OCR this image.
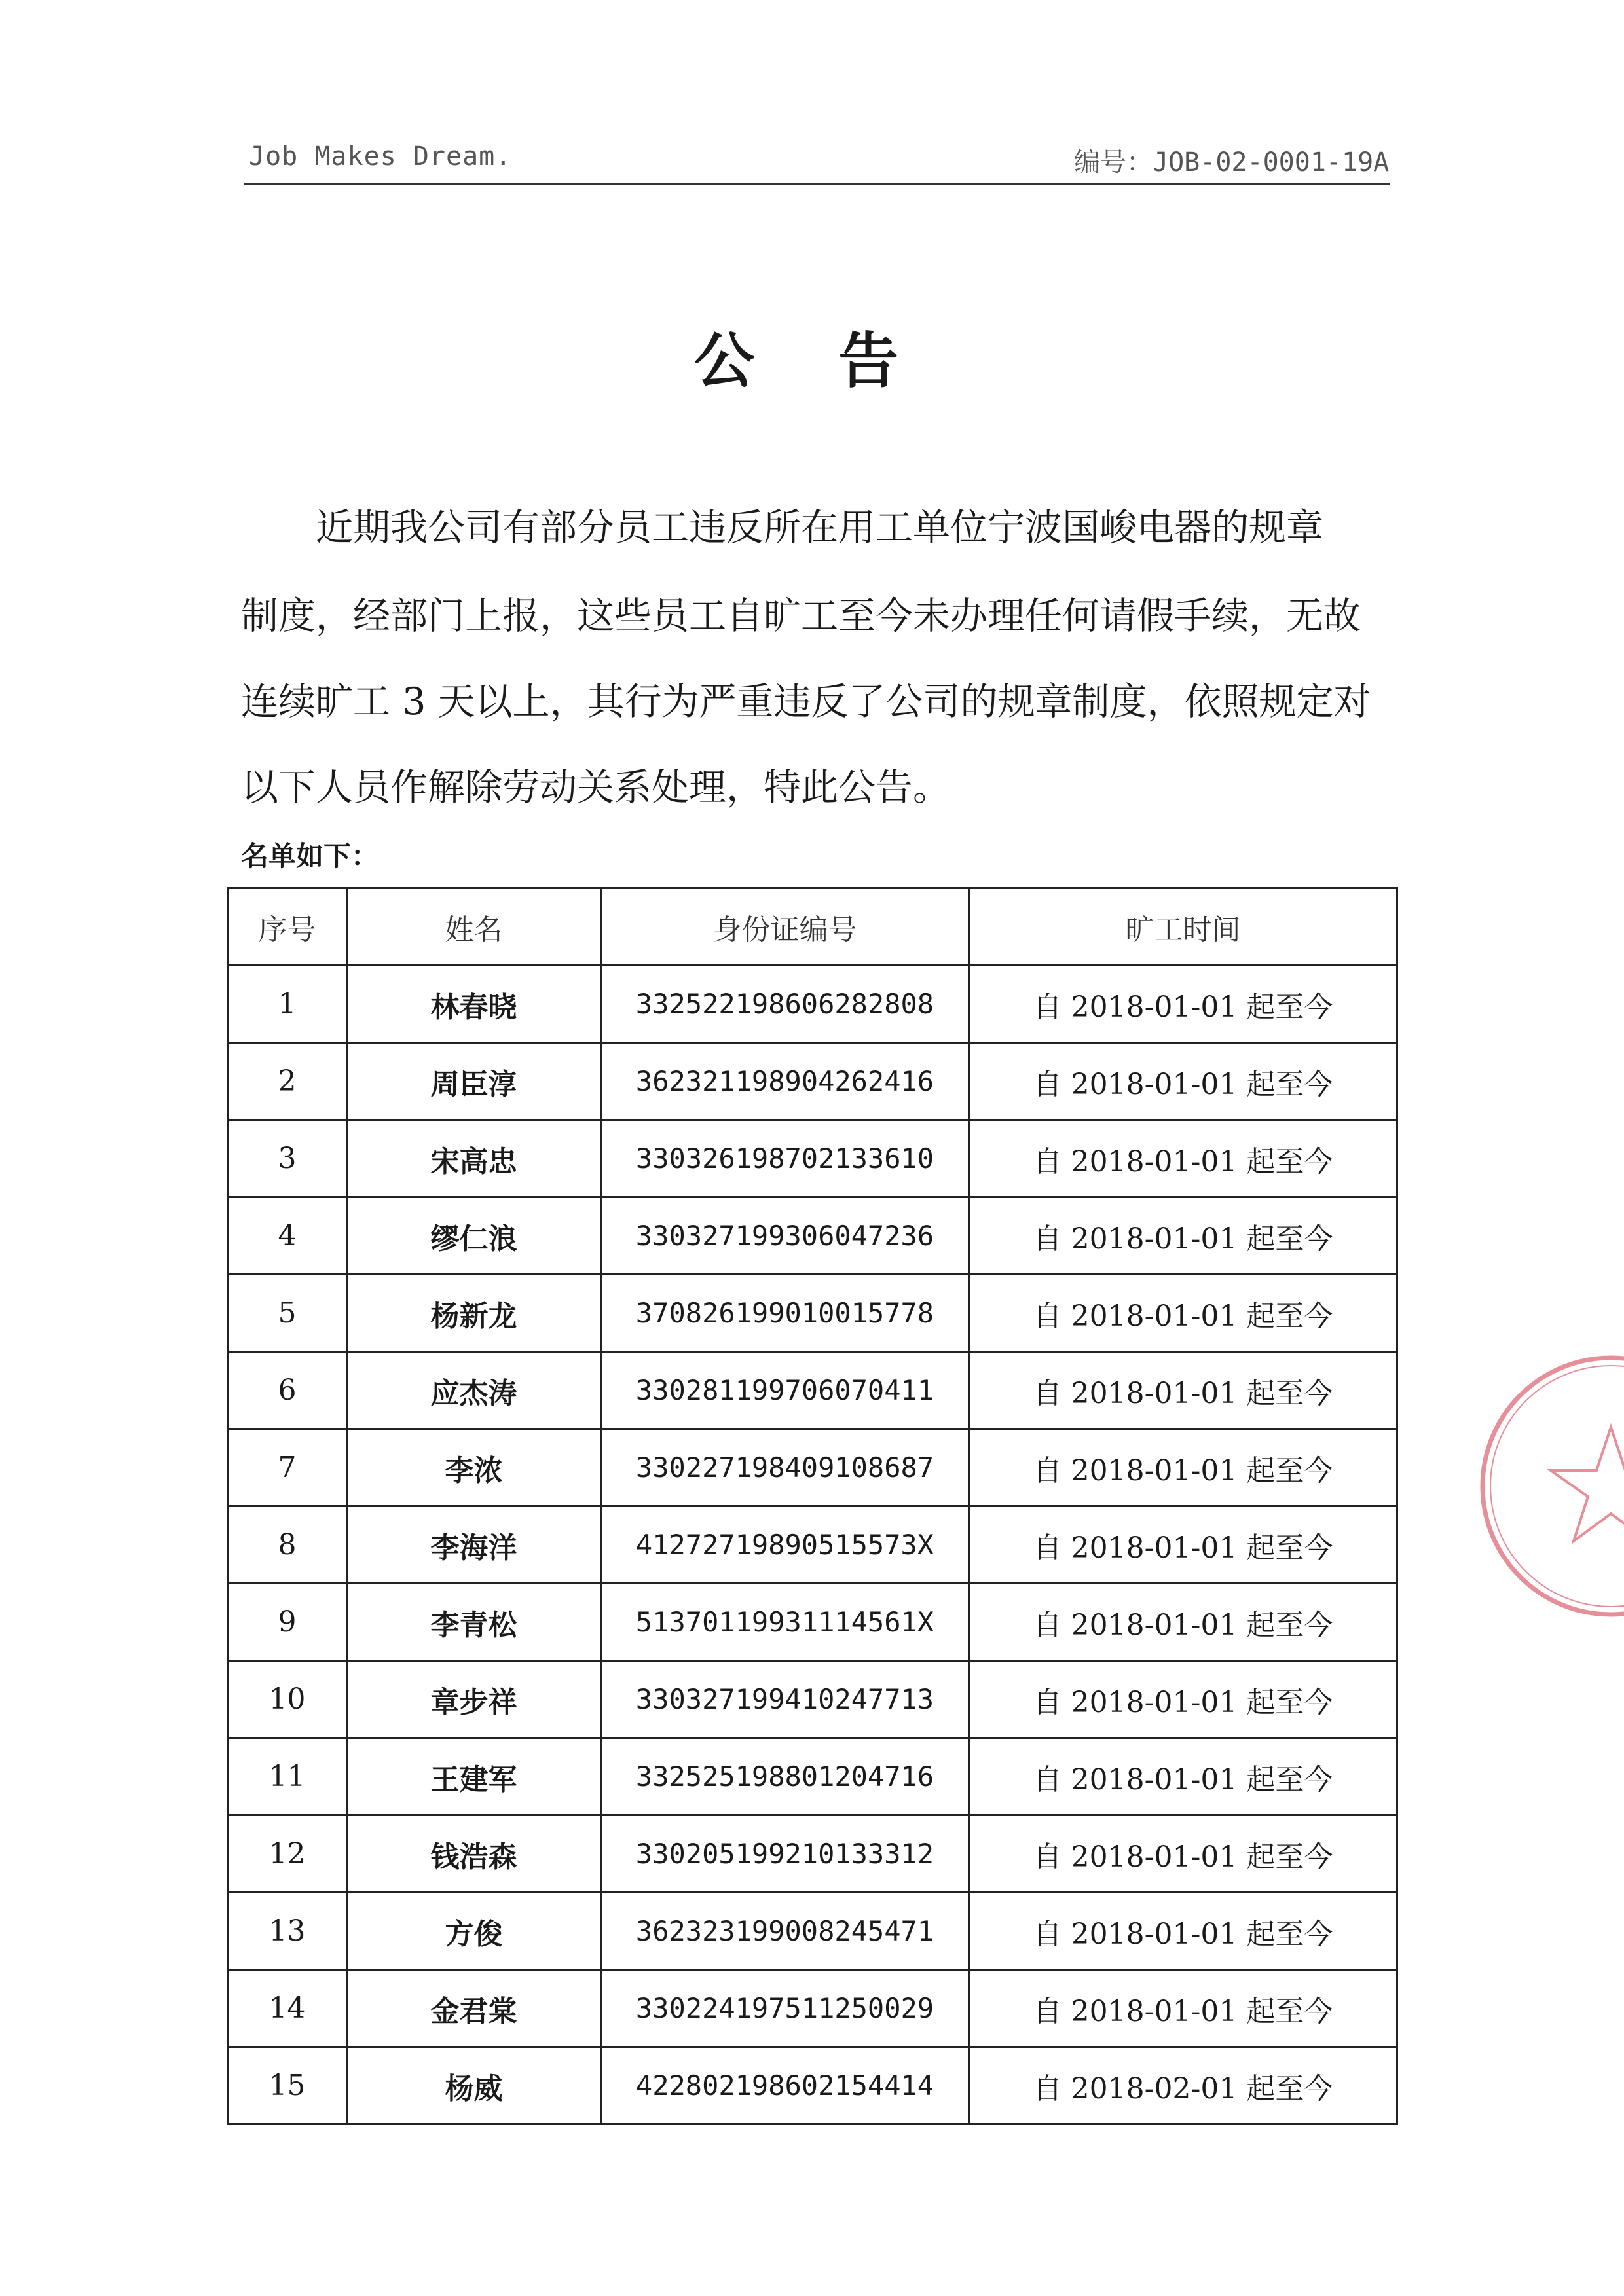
Job Makes Dream.	编号：JOB-02-0001-19A
公 告
近期我公司有部分员工违反所在用工单位宁波国峻电器的规章
制度，经部门上报，这些员工自旷工至今未办理任何请假手续，无故
连续旷工 3 天以上，其行为严重违反了公司的规章制度，依照规定对
以下人员作解除劳动关系处理，特此公告。
名单如下：
序号	姓名	身份证编号	旷工时间
1	林春晓	332522198606282808	自 2018-01-01 起至今
2	周臣淳	362321198904262416	自 2018-01-01 起至今
3	宋高忠	330326198702133610	自 2018-01-01 起至今
4	缪仁浪	330327199306047236	自 2018-01-01 起至今
5	杨新龙	370826199010015778	自 2018-01-01 起至今
6	应杰涛	330281199706070411	自 2018-01-01 起至今
7	李浓	330227198409108687	自 2018-01-01 起至今
8	李海洋	41272719890515573X	自 2018-01-01 起至今
9	李青松	51370119931114561X	自 2018-01-01 起至今
10	章步祥	330327199410247713	自 2018-01-01 起至今
11	王建军	332525198801204716	自 2018-01-01 起至今
12	钱浩森	330205199210133312	自 2018-01-01 起至今
13	方俊	362323199008245471	自 2018-01-01 起至今
14	金君棠	330224197511250029	自 2018-01-01 起至今
15	杨威	422802198602154414	自 2018-02-01 起至今
